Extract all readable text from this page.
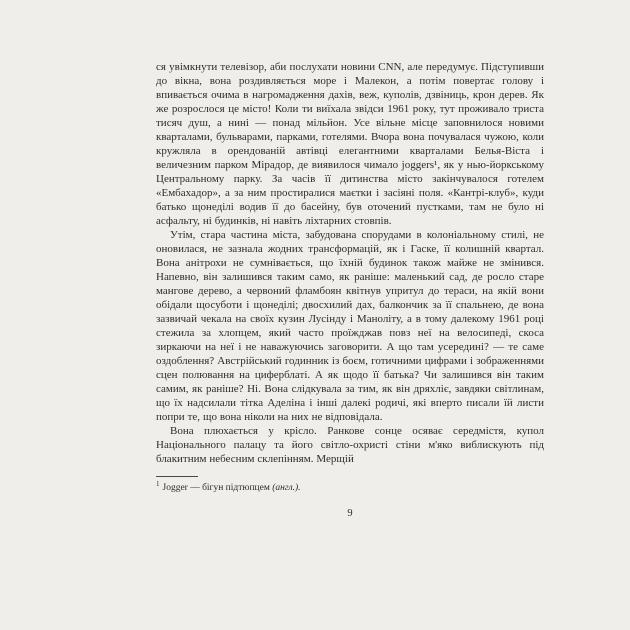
ся увімкнути телевізор, аби послухати новини CNN, але передумує. Підступивши до вікна, вона роздивляється море і Малекон, а потім повертає голову і впивається очима в нагромадження дахів, веж, куполів, дзвіниць, крон дерев. Як же розрослося це місто! Коли ти виїхала звідси 1961 року, тут проживало триста тисяч душ, а нині — понад мільйон. Усе вільне місце заповнилося новими кварталами, бульварами, парками, готелями. Вчора вона почувалася чужою, коли кружляла в орендованій автівці елегантними кварталами Белья-Віста і величезним парком Мірадор, де виявилося чимало joggers¹, як у нью-йоркському Центральному парку. За часів її дитинства місто закінчувалося готелем «Ембахадор», а за ним простиралися маєтки і засіяні поля. «Кантрі-клуб», куди батько щонеділі водив її до басейну, був оточений пустками, там не було ні асфальту, ні будинків, ні навіть ліхтарних стовпів.

Утім, стара частина міста, забудована спорудами в колоніальному стилі, не оновилася, не зазнала жодних трансформацій, як і Гаске, її колишній квартал. Вона анітрохи не сумнівається, що їхній будинок також майже не змінився. Напевно, він залишився таким само, як раніше: маленький сад, де росло старе мангове дерево, а червоний фламбоян квітнув упритул до тераси, на якій вони обідали щосуботи і щонеділі; двосхилий дах, балкончик за її спальнею, де вона зазвичай чекала на своїх кузин Лусінду і Маноліту, а в тому далекому 1961 році стежила за хлопцем, який часто проїжджав повз неї на велосипеді, скоса зиркаючи на неї і не наважуючись заговорити. А що там усередині? — те саме оздоблення? Австрійський годинник із боєм, готичними цифрами і зображеннями сцен полювання на циферблаті. А як щодо її батька? Чи залишився він таким самим, як раніше? Ні. Вона слідкувала за тим, як він дряхліє, завдяки світлинам, що їх надсилали тітка Аделіна і інші далекі родичі, які вперто писали їй листи попри те, що вона ніколи на них не відповідала.

Вона плюхається у крісло. Ранкове сонце осяває середмістя, купол Національного палацу та його світло-охристі стіни м'яко виблискують під блакитним небесним склепінням. Мерщій

$^1$ Jogger — бігун підтюпцем (англ.).

9
